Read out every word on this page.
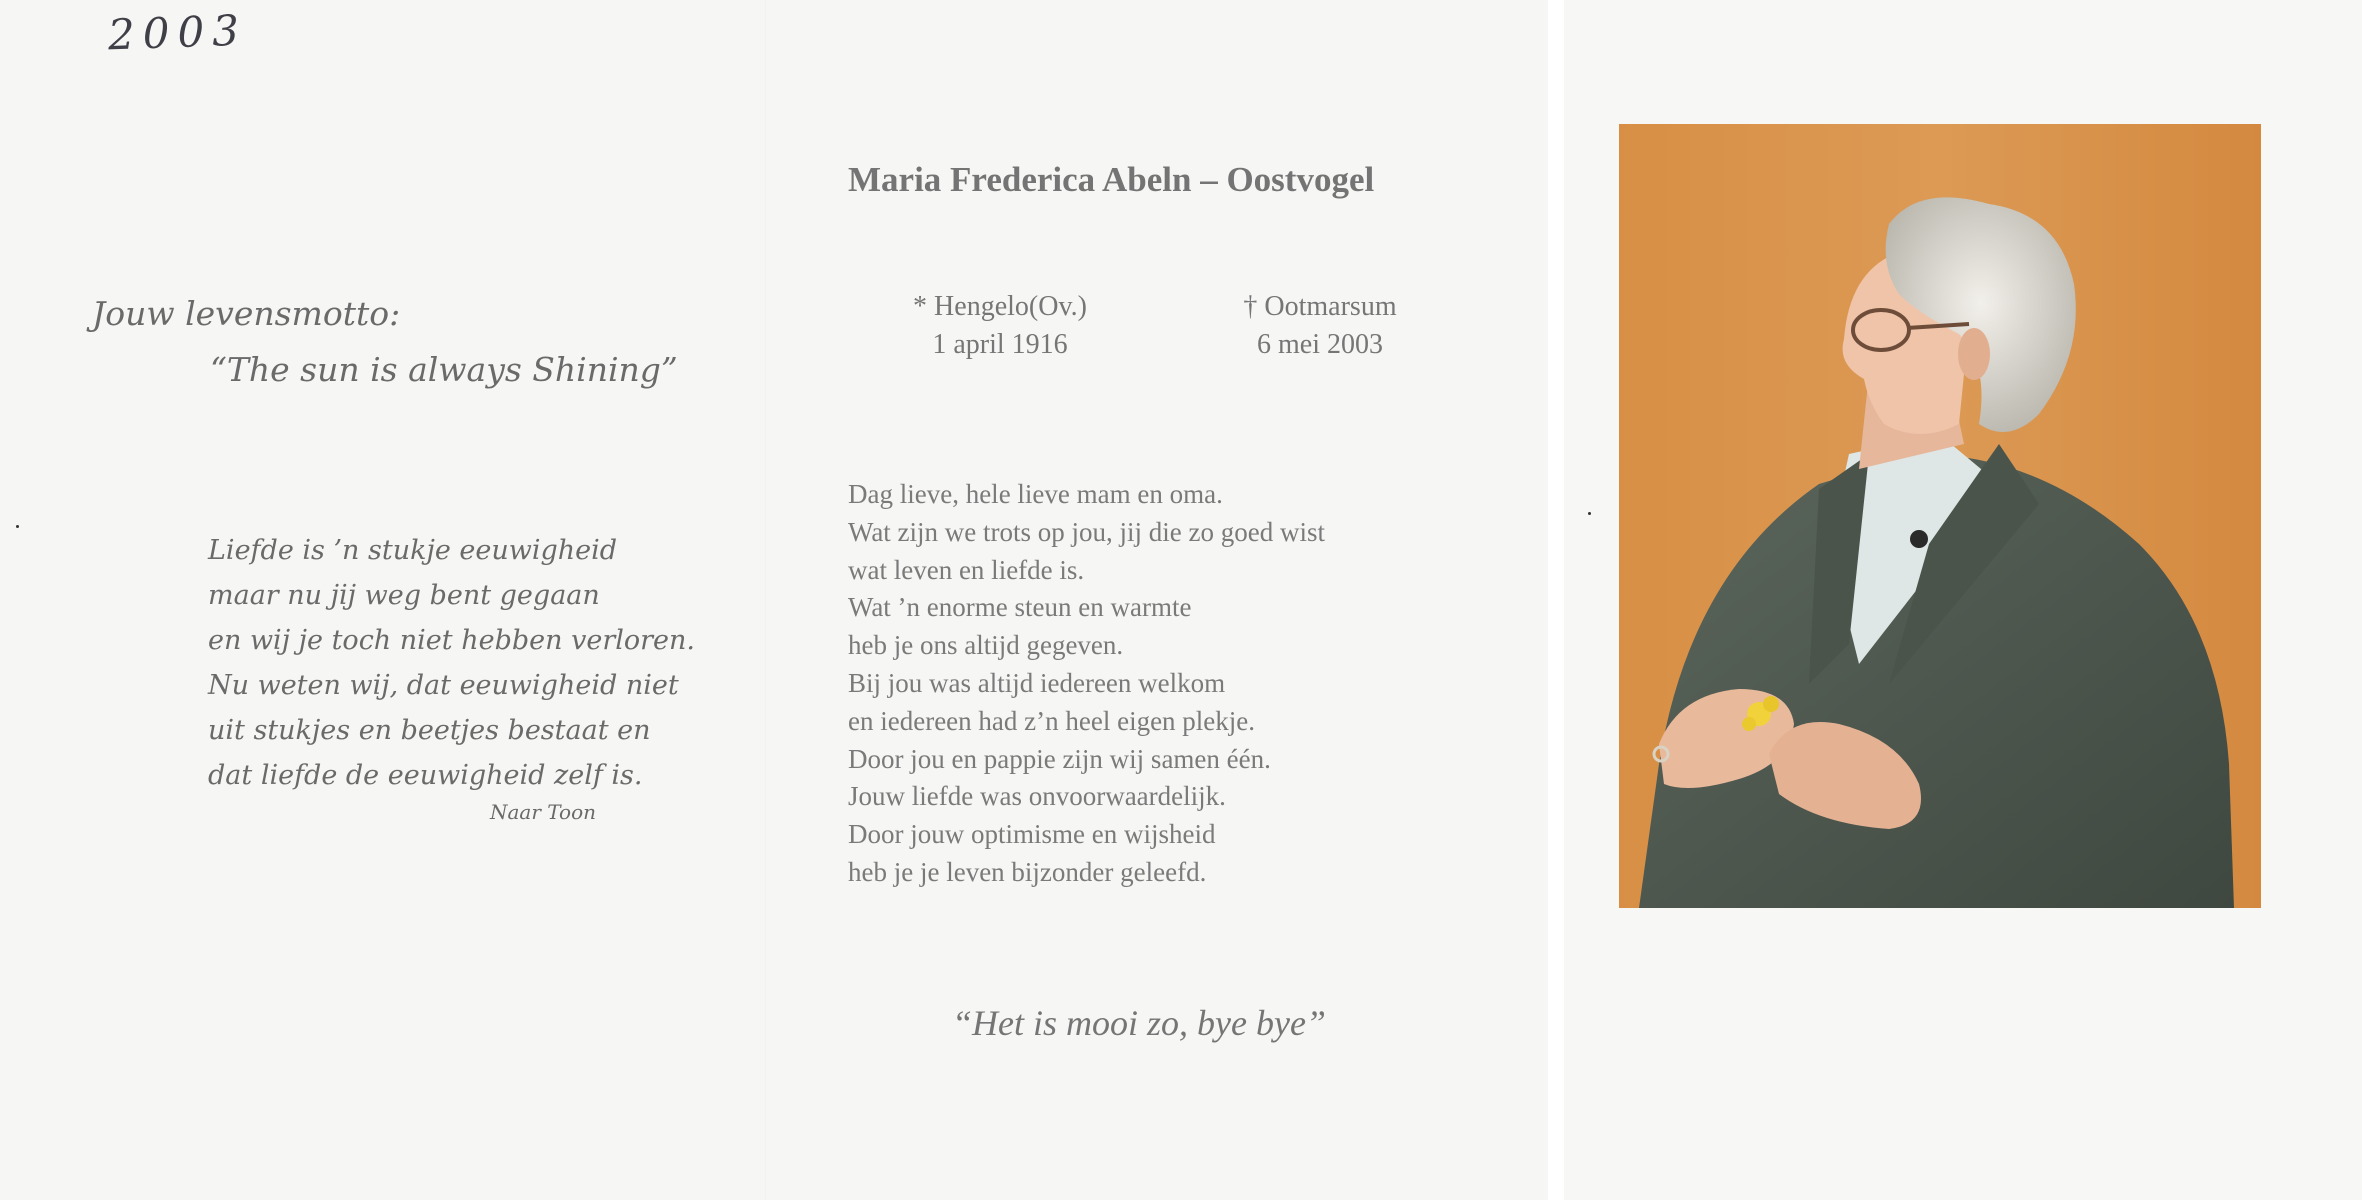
2003
Jouw levensmotto:
“The sun is always Shining”
Liefde is ’n stukje eeuwigheid
maar nu jij weg bent gegaan
en wij je toch niet hebben verloren.
Nu weten wij, dat eeuwigheid niet
uit stukjes en beetjes bestaat en
dat liefde de eeuwigheid zelf is.
Naar Toon
Maria Frederica Abeln – Oostvogel
* Hengelo(Ov.)
1 april 1916
† Ootmarsum
6 mei 2003
Dag lieve, hele lieve mam en oma.
Wat zijn we trots op jou, jij die zo goed wist
wat leven en liefde is.
Wat ’n enorme steun en warmte
heb je ons altijd gegeven.
Bij jou was altijd iedereen welkom
en iedereen had z’n heel eigen plekje.
Door jou en pappie zijn wij samen één.
Jouw liefde was onvoorwaardelijk.
Door jouw optimisme en wijsheid
heb je je leven bijzonder geleefd.
“Het is mooi zo, bye bye”
